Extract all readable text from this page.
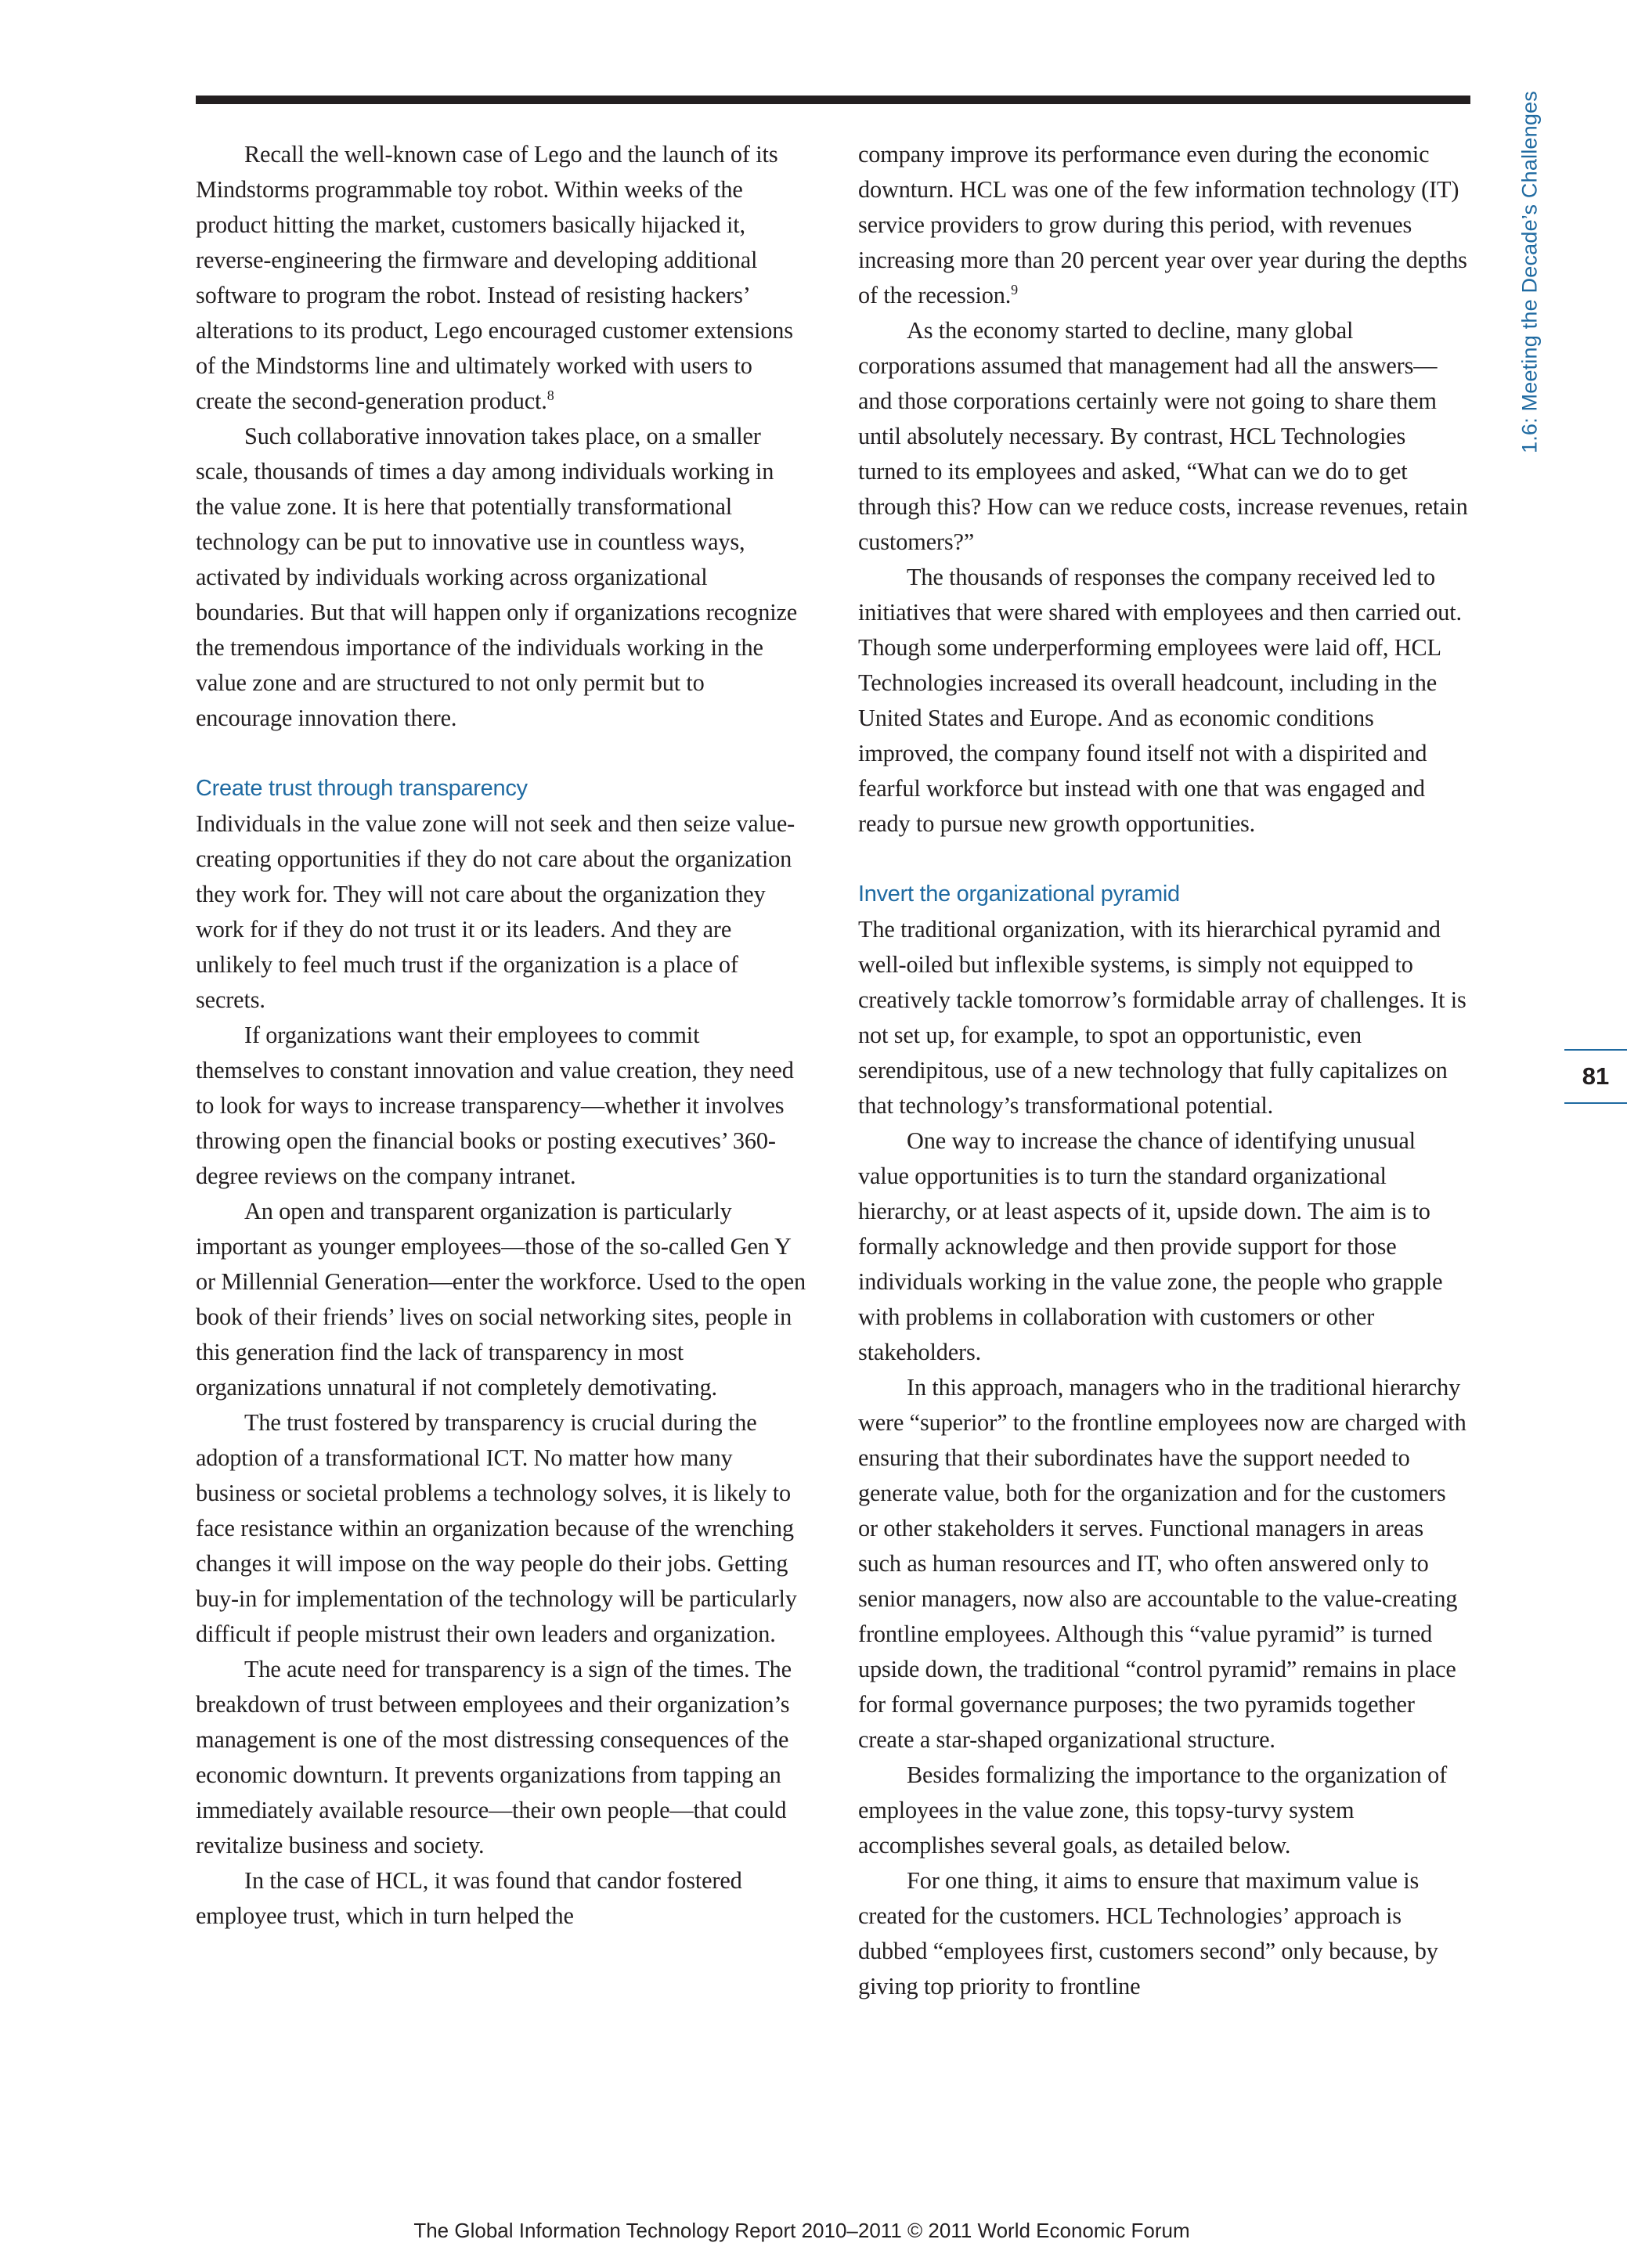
Recall the well-known case of Lego and the launch of its Mindstorms programmable toy robot. Within weeks of the product hitting the market, customers basically hijacked it, reverse-engineering the firmware and developing additional software to program the robot. Instead of resisting hackers’ alterations to its product, Lego encouraged customer extensions of the Mindstorms line and ultimately worked with users to create the second-generation product.$^8$

Such collaborative innovation takes place, on a smaller scale, thousands of times a day among individuals working in the value zone. It is here that potentially transformational technology can be put to innovative use in countless ways, activated by individuals working across organizational boundaries. But that will happen only if organizations recognize the tremendous importance of the individuals working in the value zone and are structured to not only permit but to encourage innovation there.

Create trust through transparency

Individuals in the value zone will not seek and then seize value-creating opportunities if they do not care about the organization they work for. They will not care about the organization they work for if they do not trust it or its leaders. And they are unlikely to feel much trust if the organization is a place of secrets.

If organizations want their employees to commit themselves to constant innovation and value creation, they need to look for ways to increase transparency—whether it involves throwing open the financial books or posting executives’ 360-degree reviews on the company intranet.

An open and transparent organization is particularly important as younger employees—those of the so-called Gen Y or Millennial Generation—enter the workforce. Used to the open book of their friends’ lives on social networking sites, people in this generation find the lack of transparency in most organizations unnatural if not completely demotivating.

The trust fostered by transparency is crucial during the adoption of a transformational ICT. No matter how many business or societal problems a technology solves, it is likely to face resistance within an organization because of the wrenching changes it will impose on the way people do their jobs. Getting buy-in for implementation of the technology will be particularly difficult if people mistrust their own leaders and organization.

The acute need for transparency is a sign of the times. The breakdown of trust between employees and their organization’s management is one of the most distressing consequences of the economic downturn. It prevents organizations from tapping an immediately available resource—their own people—that could revitalize business and society.

In the case of HCL, it was found that candor fostered employee trust, which in turn helped the

company improve its performance even during the economic downturn. HCL was one of the few information technology (IT) service providers to grow during this period, with revenues increasing more than 20 percent year over year during the depths of the recession.$^9$

As the economy started to decline, many global corporations assumed that management had all the answers—and those corporations certainly were not going to share them until absolutely necessary. By contrast, HCL Technologies turned to its employees and asked, “What can we do to get through this? How can we reduce costs, increase revenues, retain customers?”

The thousands of responses the company received led to initiatives that were shared with employees and then carried out. Though some underperforming employees were laid off, HCL Technologies increased its overall headcount, including in the United States and Europe. And as economic conditions improved, the company found itself not with a dispirited and fearful workforce but instead with one that was engaged and ready to pursue new growth opportunities.

Invert the organizational pyramid

The traditional organization, with its hierarchical pyramid and well-oiled but inflexible systems, is simply not equipped to creatively tackle tomorrow’s formidable array of challenges. It is not set up, for example, to spot an opportunistic, even serendipitous, use of a new technology that fully capitalizes on that technology’s transformational potential.

One way to increase the chance of identifying unusual value opportunities is to turn the standard organizational hierarchy, or at least aspects of it, upside down. The aim is to formally acknowledge and then provide support for those individuals working in the value zone, the people who grapple with problems in collaboration with customers or other stakeholders.

In this approach, managers who in the traditional hierarchy were “superior” to the frontline employees now are charged with ensuring that their subordinates have the support needed to generate value, both for the organization and for the customers or other stakeholders it serves. Functional managers in areas such as human resources and IT, who often answered only to senior managers, now also are accountable to the value-creating frontline employees. Although this “value pyramid” is turned upside down, the traditional “control pyramid” remains in place for formal governance purposes; the two pyramids together create a star-shaped organizational structure.

Besides formalizing the importance to the organization of employees in the value zone, this topsy-turvy system accomplishes several goals, as detailed below.

For one thing, it aims to ensure that maximum value is created for the customers. HCL Technologies’ approach is dubbed “employees first, customers second” only because, by giving top priority to frontline

1.6: Meeting the Decade’s Challenges
81
The Global Information Technology Report 2010–2011 © 2011 World Economic Forum
